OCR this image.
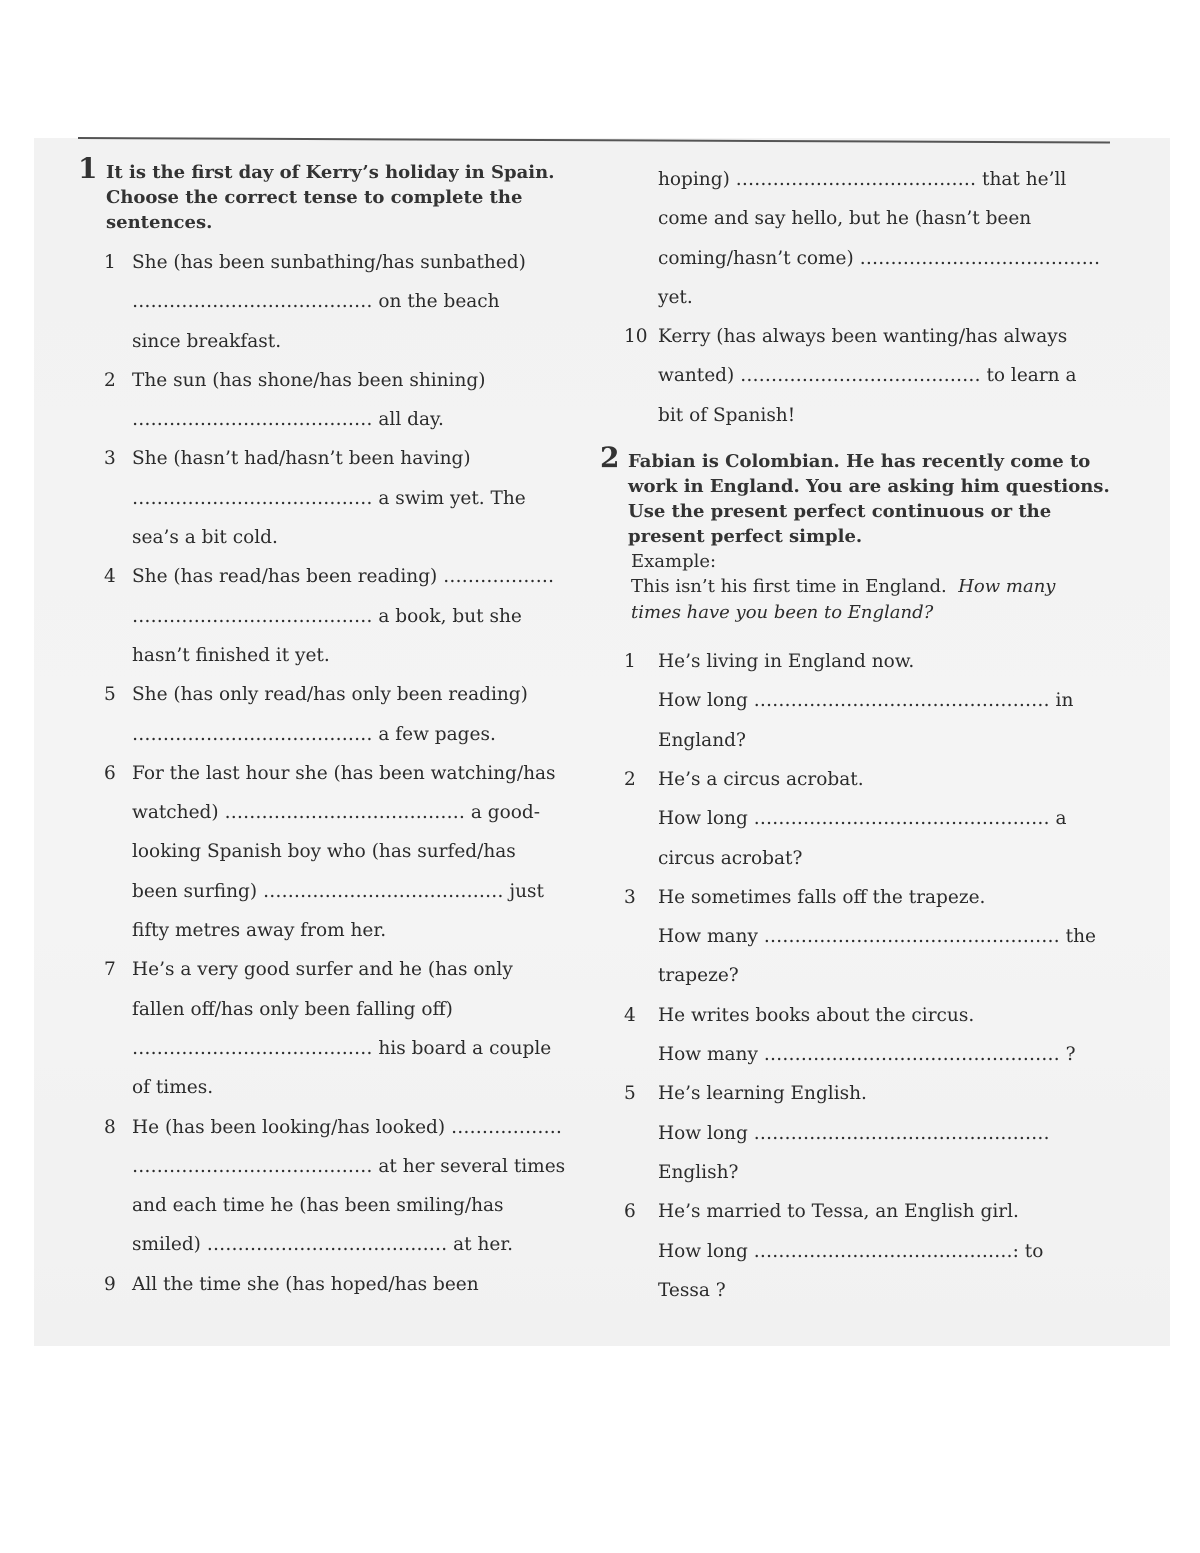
1 It is the first day of Kerry’s holiday in Spain. Choose the correct tense to complete the sentences.
1 She (has been sunbathing/has sunbathed)
………………………………… on the beach
since breakfast.
2 The sun (has shone/has been shining)
………………………………… all day.
3 She (hasn’t had/hasn’t been having)
………………………………… a swim yet. The
sea’s a bit cold.
4 She (has read/has been reading) ………………
………………………………… a book, but she
hasn’t finished it yet.
5 She (has only read/has only been reading)
………………………………… a few pages.
6 For the last hour she (has been watching/has
watched) ………………………………… a good-
looking Spanish boy who (has surfed/has
been surfing) ………………………………… just
fifty metres away from her.
7 He’s a very good surfer and he (has only
fallen off/has only been falling off)
………………………………… his board a couple
of times.
8 He (has been looking/has looked) ………………
………………………………… at her several times
and each time he (has been smiling/has
smiled) ………………………………… at her.
9 All the time she (has hoped/has been
hoping) ………………………………… that he’ll
come and say hello, but he (hasn’t been
coming/hasn’t come) …………………………………
yet.
10 Kerry (has always been wanting/has always
wanted) ………………………………… to learn a
bit of Spanish!
2 Fabian is Colombian. He has recently come to work in England. You are asking him questions. Use the present perfect continuous or the present perfect simple.
Example:
This isn’t his first time in England. How many times have you been to England?
1 He’s living in England now.
How long ………………………………………… in
England?
2 He’s a circus acrobat.
How long ………………………………………… a
circus acrobat?
3 He sometimes falls off the trapeze.
How many ………………………………………… the
trapeze?
4 He writes books about the circus.
How many ………………………………………… ?
5 He’s learning English.
How long …………………………………………
English?
6 He’s married to Tessa, an English girl.
How long ……………………………………: to
Tessa ?
